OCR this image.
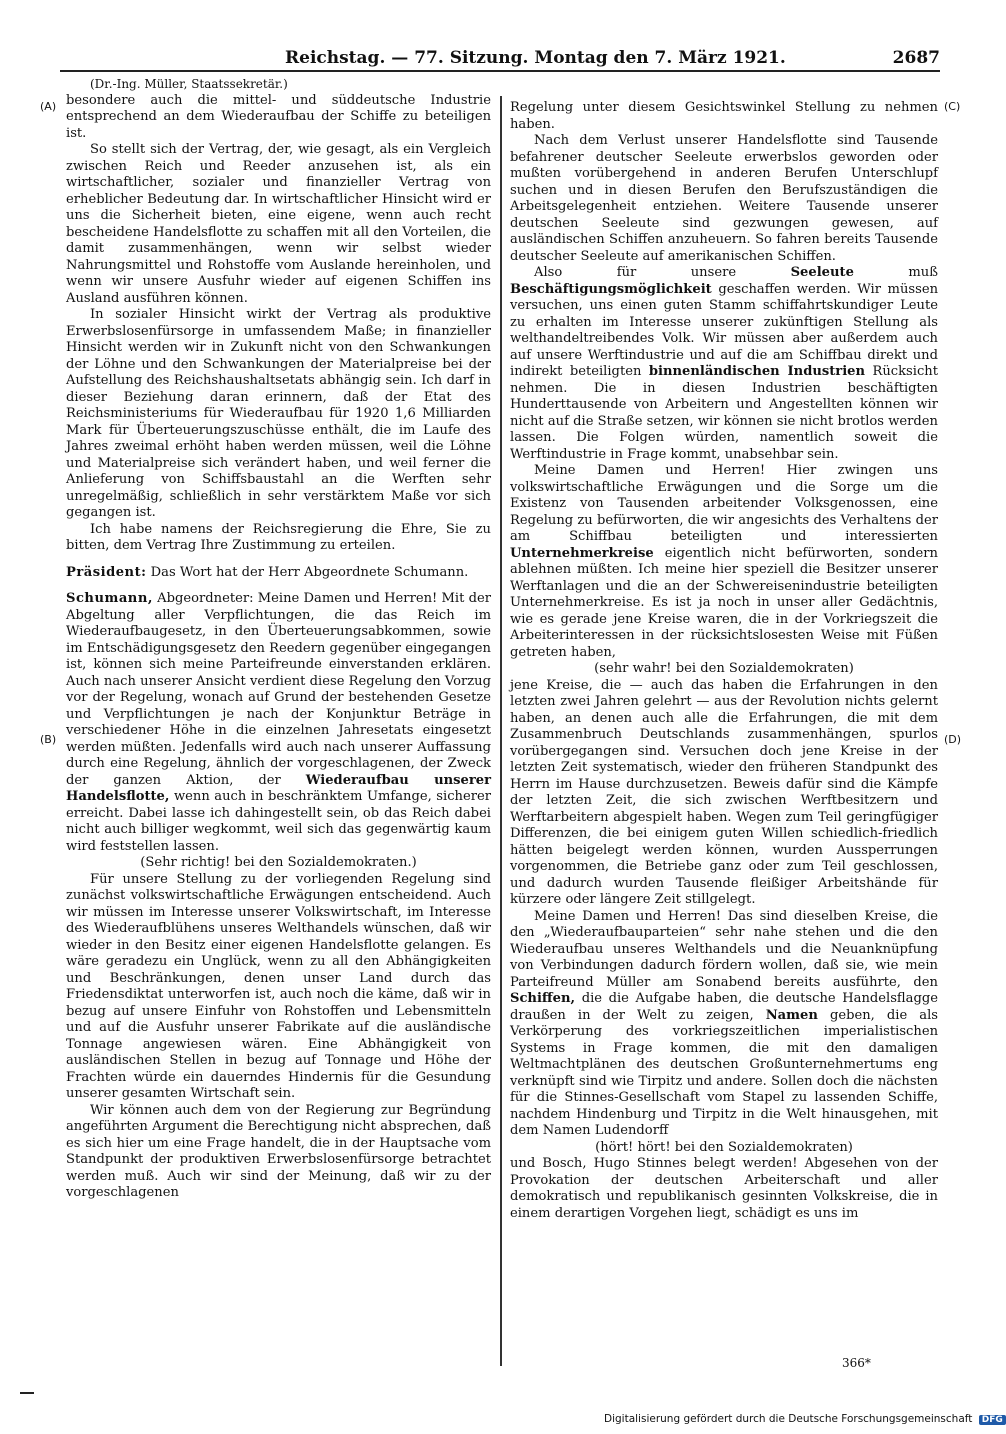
Reichstag. — 77. Sitzung. Montag den 7. März 1921.	2687
(A)
(B)
(C)
(D)

(Dr.-Ing. Müller, Staatssekretär.)

besondere auch die mittel- und süddeutsche Industrie entsprechend an dem Wiederaufbau der Schiffe zu beteiligen ist.

So stellt sich der Vertrag, der, wie gesagt, als ein Vergleich zwischen Reich und Reeder anzusehen ist, als ein wirtschaftlicher, sozialer und finanzieller Vertrag von erheblicher Bedeutung dar. In wirtschaftlicher Hinsicht wird er uns die Sicherheit bieten, eine eigene, wenn auch recht bescheidene Handelsflotte zu schaffen mit all den Vorteilen, die damit zusammenhängen, wenn wir selbst wieder Nahrungsmittel und Rohstoffe vom Auslande hereinholen, und wenn wir unsere Ausfuhr wieder auf eigenen Schiffen ins Ausland ausführen können.

In sozialer Hinsicht wirkt der Vertrag als produktive Erwerbslosenfürsorge in umfassendem Maße; in finanzieller Hinsicht werden wir in Zukunft nicht von den Schwankungen der Löhne und den Schwankungen der Materialpreise bei der Aufstellung des Reichshaushaltsetats abhängig sein. Ich darf in dieser Beziehung daran erinnern, daß der Etat des Reichsministeriums für Wiederaufbau für 1920 1,6 Milliarden Mark für Überteuerungszuschüsse enthält, die im Laufe des Jahres zweimal erhöht haben werden müssen, weil die Löhne und Materialpreise sich verändert haben, und weil ferner die Anlieferung von Schiffsbaustahl an die Werften sehr unregelmäßig, schließlich in sehr verstärktem Maße vor sich gegangen ist.

Ich habe namens der Reichsregierung die Ehre, Sie zu bitten, dem Vertrag Ihre Zustimmung zu erteilen.

Präsident: Das Wort hat der Herr Abgeordnete Schumann.

Schumann, Abgeordneter: Meine Damen und Herren! Mit der Abgeltung aller Verpflichtungen, die das Reich im Wiederaufbaugesetz, in den Überteuerungsabkommen, sowie im Entschädigungsgesetz den Reedern gegenüber eingegangen ist, können sich meine Parteifreunde einverstanden erklären. Auch nach unserer Ansicht verdient diese Regelung den Vorzug vor der Regelung, wonach auf Grund der bestehenden Gesetze und Verpflichtungen je nach der Konjunktur Beträge in verschiedener Höhe in die einzelnen Jahresetats eingesetzt werden müßten. Jedenfalls wird auch nach unserer Auffassung durch eine Regelung, ähnlich der vorgeschlagenen, der Zweck der ganzen Aktion, der Wiederaufbau unserer Handelsflotte, wenn auch in beschränktem Umfange, sicherer erreicht. Dabei lasse ich dahingestellt sein, ob das Reich dabei nicht auch billiger wegkommt, weil sich das gegenwärtig kaum wird feststellen lassen.

(Sehr richtig! bei den Sozialdemokraten.)

Für unsere Stellung zu der vorliegenden Regelung sind zunächst volkswirtschaftliche Erwägungen entscheidend. Auch wir müssen im Interesse unserer Volkswirtschaft, im Interesse des Wiederaufblühens unseres Welthandels wünschen, daß wir wieder in den Besitz einer eigenen Handelsflotte gelangen. Es wäre geradezu ein Unglück, wenn zu all den Abhängigkeiten und Beschränkungen, denen unser Land durch das Friedensdiktat unterworfen ist, auch noch die käme, daß wir in bezug auf unsere Einfuhr von Rohstoffen und Lebensmitteln und auf die Ausfuhr unserer Fabrikate auf die ausländische Tonnage angewiesen wären. Eine Abhängigkeit von ausländischen Stellen in bezug auf Tonnage und Höhe der Frachten würde ein dauerndes Hindernis für die Gesundung unserer gesamten Wirtschaft sein.

Wir können auch dem von der Regierung zur Begründung angeführten Argument die Berechtigung nicht absprechen, daß es sich hier um eine Frage handelt, die in der Hauptsache vom Standpunkt der produktiven Erwerbslosenfürsorge betrachtet werden muß. Auch wir sind der Meinung, daß wir zu der vorgeschlagenen

Regelung unter diesem Gesichtswinkel Stellung zu nehmen haben.

Nach dem Verlust unserer Handelsflotte sind Tausende befahrener deutscher Seeleute erwerbslos geworden oder mußten vorübergehend in anderen Berufen Unterschlupf suchen und in diesen Berufen den Berufszuständigen die Arbeitsgelegenheit entziehen. Weitere Tausende unserer deutschen Seeleute sind gezwungen gewesen, auf ausländischen Schiffen anzuheuern. So fahren bereits Tausende deutscher Seeleute auf amerikanischen Schiffen.

Also für unsere	Seeleute	muß Beschäftigungsmöglichkeit geschaffen werden. Wir müssen versuchen, uns einen guten Stamm schiffahrtskundiger Leute zu erhalten im Interesse unserer zukünftigen Stellung als welthandeltreibendes Volk. Wir müssen aber außerdem auch auf unsere Werftindustrie und auf die am Schiffbau direkt und indirekt beteiligten binnenländischen Industrien Rücksicht nehmen. Die in diesen Industrien beschäftigten Hunderttausende von Arbeitern und Angestellten können wir nicht auf die Straße setzen, wir können sie nicht brotlos werden lassen. Die Folgen würden, namentlich soweit die Werftindustrie in Frage kommt, unabsehbar sein.

Meine Damen und Herren! Hier zwingen uns volkswirtschaftliche Erwägungen und die Sorge um die Existenz von Tausenden arbeitender Volksgenossen, eine Regelung zu befürworten, die wir angesichts des Verhaltens der am Schiffbau beteiligten und interessierten Unternehmerkreise eigentlich nicht befürworten, sondern ablehnen müßten. Ich meine hier speziell die Besitzer unserer Werftanlagen und die an der Schwereisenindustrie beteiligten Unternehmerkreise. Es ist ja noch in unser aller Gedächtnis, wie es gerade jene Kreise waren, die in der Vorkriegszeit die Arbeiterinteressen in der rücksichtslosesten Weise mit Füßen getreten haben,

(sehr wahr! bei den Sozialdemokraten)

jene Kreise, die — auch das haben die Erfahrungen in den letzten zwei Jahren gelehrt — aus der Revolution nichts gelernt haben, an denen auch alle die Erfahrungen, die mit dem Zusammenbruch Deutschlands zusammenhängen, spurlos vorübergegangen sind. Versuchen doch jene Kreise in der letzten Zeit systematisch, wieder den früheren Standpunkt des Herrn im Hause durchzusetzen. Beweis dafür sind die Kämpfe der letzten Zeit, die sich zwischen Werftbesitzern und Werftarbeitern abgespielt haben. Wegen zum Teil geringfügiger Differenzen, die bei einigem guten Willen schiedlich-friedlich hätten beigelegt werden können, wurden Aussperrungen vorgenommen, die Betriebe ganz oder zum Teil geschlossen, und dadurch wurden Tausende fleißiger Arbeitshände für kürzere oder längere Zeit stillgelegt.

Meine Damen und Herren! Das sind dieselben Kreise, die den „Wiederaufbauparteien“ sehr nahe stehen und die den Wiederaufbau unseres Welthandels und die Neuanknüpfung von Verbindungen dadurch fördern wollen, daß sie, wie mein Parteifreund Müller am Sonabend bereits ausführte, den Schiffen, die die Aufgabe haben, die deutsche Handelsflagge draußen in der Welt zu zeigen, Namen geben, die als Verkörperung des vorkriegszeitlichen imperialistischen Systems in Frage kommen, die mit den damaligen Weltmachtplänen des deutschen Großunternehmertums eng verknüpft sind wie Tirpitz und andere. Sollen doch die nächsten für die Stinnes-Gesellschaft vom Stapel zu lassenden Schiffe, nachdem Hindenburg und Tirpitz in die Welt hinausgehen, mit dem Namen Ludendorff

(hört! hört! bei den Sozialdemokraten)

und Bosch, Hugo Stinnes belegt werden! Abgesehen von der Provokation der deutschen Arbeiterschaft und aller demokratisch und republikanisch gesinnten Volkskreise, die in einem derartigen Vorgehen liegt, schädigt es uns im

366*
Digitalisierung gefördert durch die Deutsche Forschungsgemeinschaft DFG
